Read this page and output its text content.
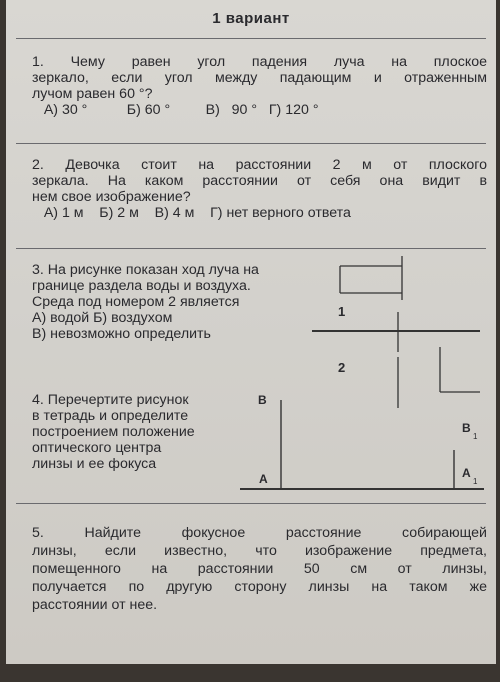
1 вариант

1. Чему равен угол падения луча на плоское

зеркало, если угол между падающим и отраженным

лучом равен 60 °?

А) 30 °          Б) 60 °         В)   90 °   Г) 120 °

2. Девочка стоит на расстоянии 2 м от плоского

зеркала. На каком расстоянии от себя она видит в

нем свое изображение?

А) 1 м    Б) 2 м    В) 4 м    Г) нет верного ответа

3. На рисунке показан ход луча на

границе раздела воды и воздуха.

Среда под номером 2 является

А) водой Б) воздухом

В) невозможно определить

4. Перечертите рисунок

в тетрадь и определите

построением положение

оптического центра

линзы и ее фокуса

1
2
В
А
В
1
А
1

5. Найдите фокусное расстояние собирающей

линзы, если известно, что изображение предмета,

помещенного на расстоянии 50 см от линзы,

получается по другую сторону линзы на таком же

расстоянии от нее.
